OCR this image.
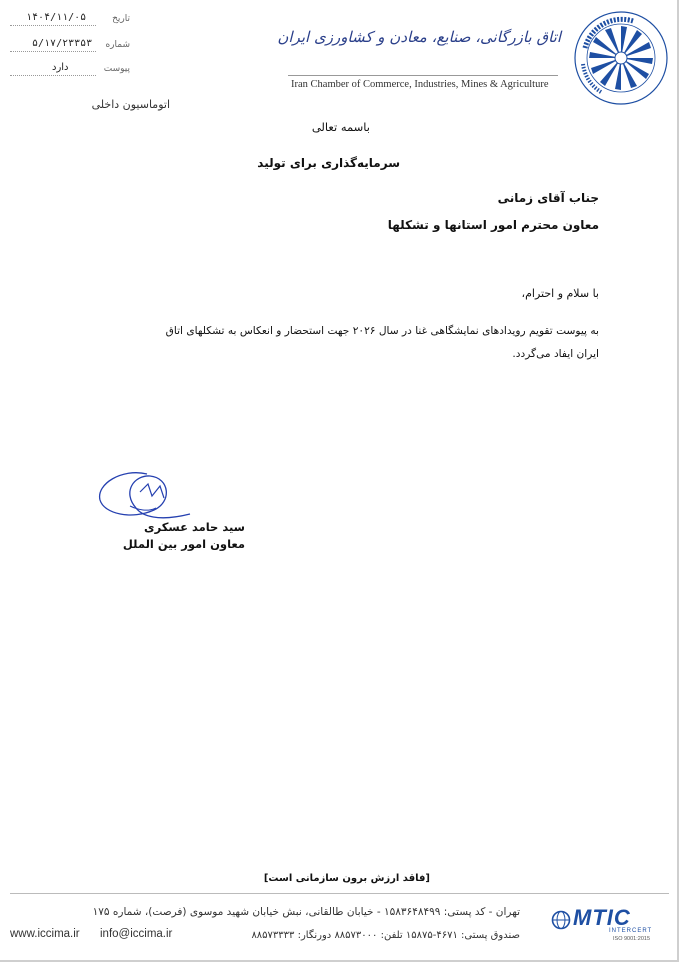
تاریخ
۱۴۰۴/۱۱/۰۵
شماره
۵/۱۷/۲۳۳۵۳
پیوست
دارد
اتاق بازرگانی، صنایع، معادن و کشاورزی ایران
Iran Chamber of Commerce, Industries, Mines & Agriculture
اتوماسیون داخلی
باسمه تعالی
سرمایه‌گذاری برای تولید
جناب آقای زمانی
معاون محترم امور استانها و تشکلها
با سلام و احترام،
به پیوست تقویم رویدادهای نمایشگاهی غنا در سال ۲۰۲۶ جهت استحضار و انعکاس به تشکلهای اتاق
ایران ایفاد می‌گردد.
سید حامد عسکری
معاون امور بین الملل
[فاقد ارزش برون سازمانی است]
تهران - کد پستی: ۱۵۸۳۶۴۸۴۹۹ - خیابان طالقانی، نبش خیابان شهید موسوی (فرصت)، شماره ۱۷۵
صندوق پستی: ۴۶۷۱-۱۵۸۷۵ تلفن: ۸۸۵۷۳۰۰۰ دورنگار: ۸۸۵۷۳۳۳۳
info@iccima.ir
www.iccima.ir
MTIC
INTERCERT
ISO 9001:2015
